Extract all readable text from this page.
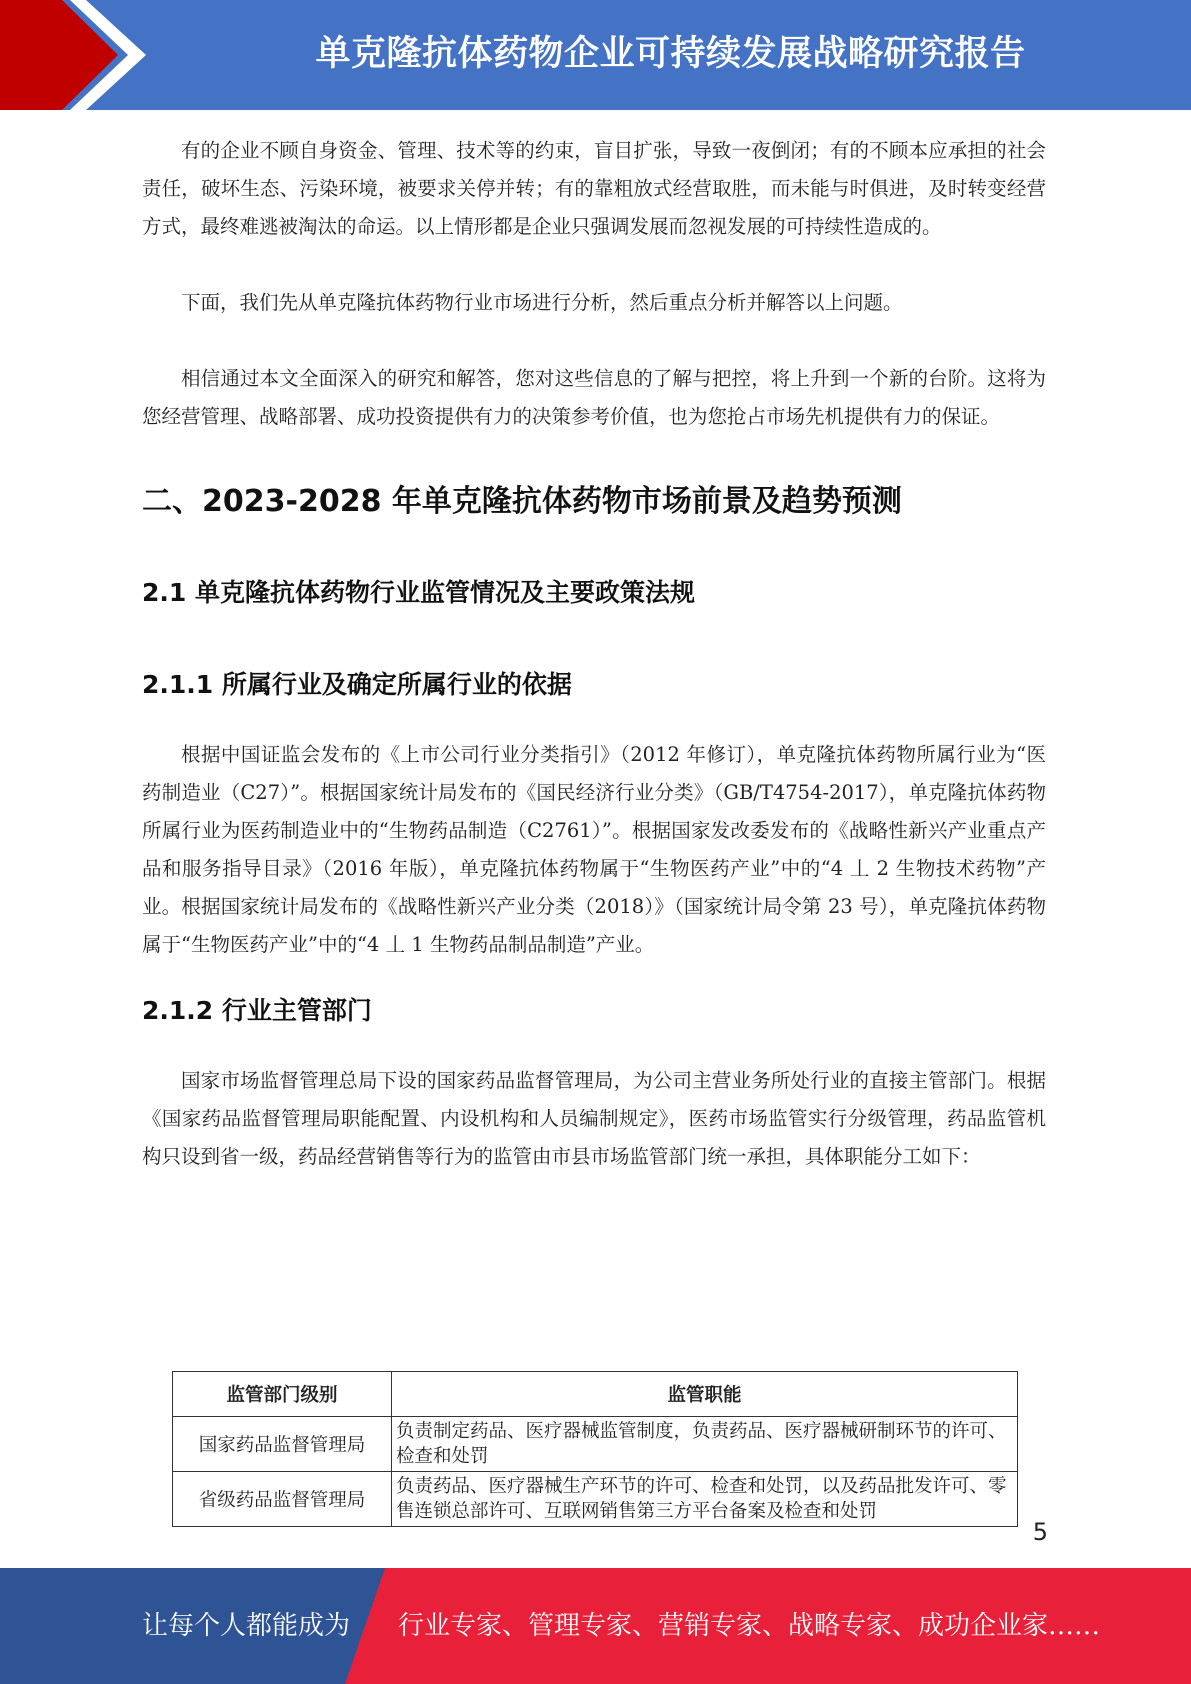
单克隆抗体药物企业可持续发展战略研究报告

有的企业不顾自身资金、管理、技术等的约束，盲目扩张，导致一夜倒闭；有的不顾本应承担的社会责任，破坏生态、污染环境，被要求关停并转；有的靠粗放式经营取胜，而未能与时俱进，及时转变经营方式，最终难逃被淘汰的命运。以上情形都是企业只强调发展而忽视发展的可持续性造成的。

下面，我们先从单克隆抗体药物行业市场进行分析，然后重点分析并解答以上问题。

相信通过本文全面深入的研究和解答，您对这些信息的了解与把控，将上升到一个新的台阶。这将为您经营管理、战略部署、成功投资提供有力的决策参考价值，也为您抢占市场先机提供有力的保证。

二、2023-2028 年单克隆抗体药物市场前景及趋势预测
2.1 单克隆抗体药物行业监管情况及主要政策法规
2.1.1 所属行业及确定所属行业的依据

根据中国证监会发布的《上市公司行业分类指引》（2012 年修订），单克隆抗体药物所属行业为“医药制造业（C27）”。根据国家统计局发布的《国民经济行业分类》（GB/T4754-2017），单克隆抗体药物所属行业为医药制造业中的“生物药品制造（C2761）”。根据国家发改委发布的《战略性新兴产业重点产品和服务指导目录》（2016 年版），单克隆抗体药物属于“生物医药产业”中的“4 丄 2 生物技术药物”产业。根据国家统计局发布的《战略性新兴产业分类（2018）》（国家统计局令第 23 号），单克隆抗体药物属于“生物医药产业”中的“4 丄 1 生物药品制品制造”产业。

2.1.2 行业主管部门

国家市场监督管理总局下设的国家药品监督管理局，为公司主营业务所处行业的直接主管部门。根据《国家药品监督管理局职能配置、内设机构和人员编制规定》，医药市场监管实行分级管理，药品监管机构只设到省一级，药品经营销售等行为的监管由市县市场监管部门统一承担，具体职能分工如下：

监管部门级别	监管职能
国家药品监督管理局	负责制定药品、医疗器械监管制度，负责药品、医疗器械研制环节的许可、检查和处罚
省级药品监督管理局	负责药品、医疗器械生产环节的许可、检查和处罚，以及药品批发许可、零售连锁总部许可、互联网销售第三方平台备案及检查和处罚
5
让每个人都能成为 行业专家、管理专家、营销专家、战略专家、成功企业家……
